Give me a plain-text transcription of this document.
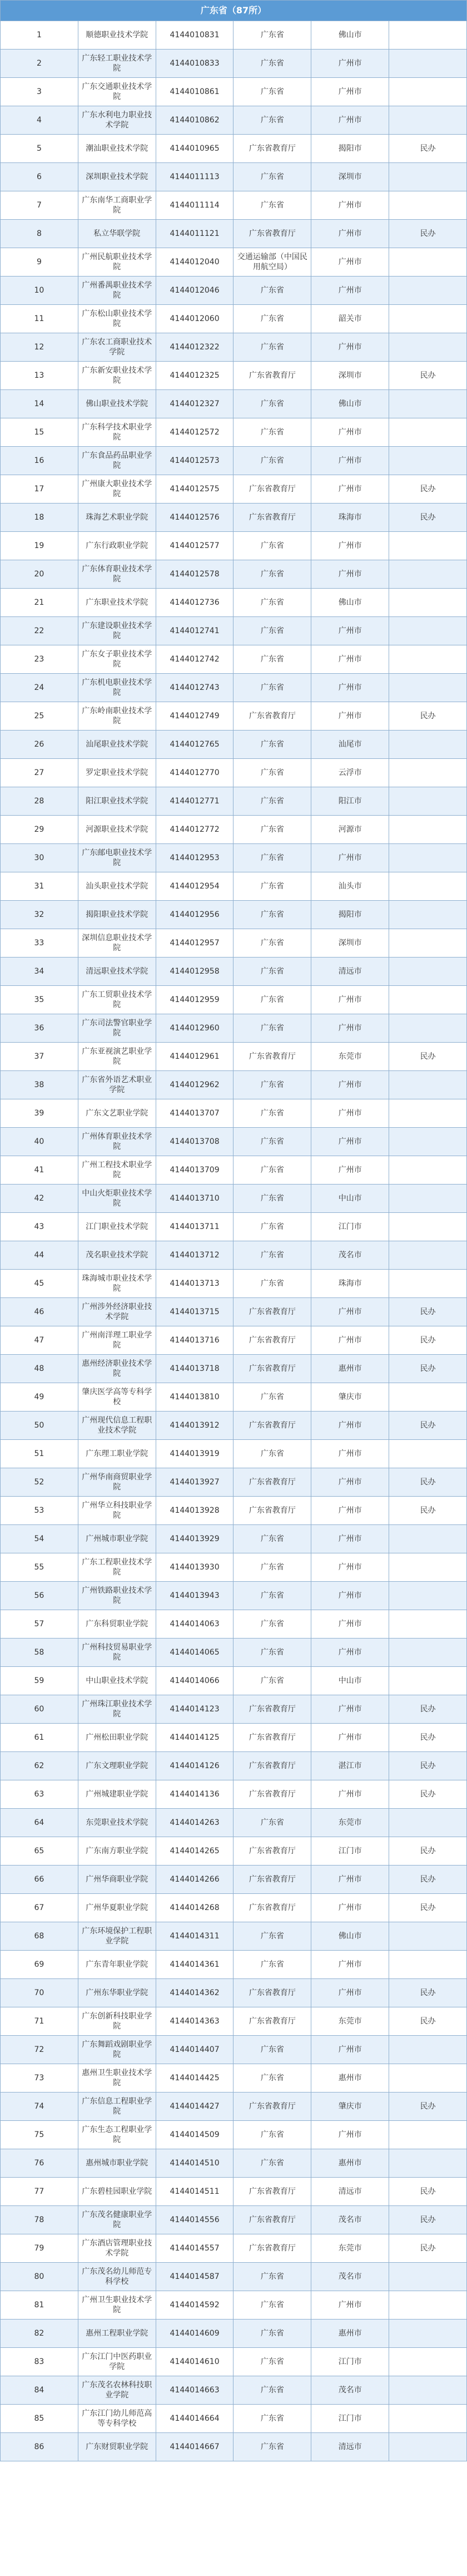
广东省（87所）					
1	顺德职业技术学院	4144010831	广东省	佛山市	
2	广东轻工职业技术学院	4144010833	广东省	广州市	
3	广东交通职业技术学院	4144010861	广东省	广州市	
4	广东水利电力职业技术学院	4144010862	广东省	广州市	
5	潮汕职业技术学院	4144010965	广东省教育厅	揭阳市	民办
6	深圳职业技术学院	4144011113	广东省	深圳市	
7	广东南华工商职业学院	4144011114	广东省	广州市	
8	私立华联学院	4144011121	广东省教育厅	广州市	民办
9	广州民航职业技术学院	4144012040	交通运输部（中国民用航空局）	广州市	
10	广州番禺职业技术学院	4144012046	广东省	广州市	
11	广东松山职业技术学院	4144012060	广东省	韶关市	
12	广东农工商职业技术学院	4144012322	广东省	广州市	
13	广东新安职业技术学院	4144012325	广东省教育厅	深圳市	民办
14	佛山职业技术学院	4144012327	广东省	佛山市	
15	广东科学技术职业学院	4144012572	广东省	广州市	
16	广东食品药品职业学院	4144012573	广东省	广州市	
17	广州康大职业技术学院	4144012575	广东省教育厅	广州市	民办
18	珠海艺术职业学院	4144012576	广东省教育厅	珠海市	民办
19	广东行政职业学院	4144012577	广东省	广州市	
20	广东体育职业技术学院	4144012578	广东省	广州市	
21	广东职业技术学院	4144012736	广东省	佛山市	
22	广东建设职业技术学院	4144012741	广东省	广州市	
23	广东女子职业技术学院	4144012742	广东省	广州市	
24	广东机电职业技术学院	4144012743	广东省	广州市	
25	广东岭南职业技术学院	4144012749	广东省教育厅	广州市	民办
26	汕尾职业技术学院	4144012765	广东省	汕尾市	
27	罗定职业技术学院	4144012770	广东省	云浮市	
28	阳江职业技术学院	4144012771	广东省	阳江市	
29	河源职业技术学院	4144012772	广东省	河源市	
30	广东邮电职业技术学院	4144012953	广东省	广州市	
31	汕头职业技术学院	4144012954	广东省	汕头市	
32	揭阳职业技术学院	4144012956	广东省	揭阳市	
33	深圳信息职业技术学院	4144012957	广东省	深圳市	
34	清远职业技术学院	4144012958	广东省	清远市	
35	广东工贸职业技术学院	4144012959	广东省	广州市	
36	广东司法警官职业学院	4144012960	广东省	广州市	
37	广东亚视演艺职业学院	4144012961	广东省教育厅	东莞市	民办
38	广东省外语艺术职业学院	4144012962	广东省	广州市	
39	广东文艺职业学院	4144013707	广东省	广州市	
40	广州体育职业技术学院	4144013708	广东省	广州市	
41	广州工程技术职业学院	4144013709	广东省	广州市	
42	中山火炬职业技术学院	4144013710	广东省	中山市	
43	江门职业技术学院	4144013711	广东省	江门市	
44	茂名职业技术学院	4144013712	广东省	茂名市	
45	珠海城市职业技术学院	4144013713	广东省	珠海市	
46	广州涉外经济职业技术学院	4144013715	广东省教育厅	广州市	民办
47	广州南洋理工职业学院	4144013716	广东省教育厅	广州市	民办
48	惠州经济职业技术学院	4144013718	广东省教育厅	惠州市	民办
49	肇庆医学高等专科学校	4144013810	广东省	肇庆市	
50	广州现代信息工程职业技术学院	4144013912	广东省教育厅	广州市	民办
51	广东理工职业学院	4144013919	广东省	广州市	
52	广州华南商贸职业学院	4144013927	广东省教育厅	广州市	民办
53	广州华立科技职业学院	4144013928	广东省教育厅	广州市	民办
54	广州城市职业学院	4144013929	广东省	广州市	
55	广东工程职业技术学院	4144013930	广东省	广州市	
56	广州铁路职业技术学院	4144013943	广东省	广州市	
57	广东科贸职业学院	4144014063	广东省	广州市	
58	广州科技贸易职业学院	4144014065	广东省	广州市	
59	中山职业技术学院	4144014066	广东省	中山市	
60	广州珠江职业技术学院	4144014123	广东省教育厅	广州市	民办
61	广州松田职业学院	4144014125	广东省教育厅	广州市	民办
62	广东文理职业学院	4144014126	广东省教育厅	湛江市	民办
63	广州城建职业学院	4144014136	广东省教育厅	广州市	民办
64	东莞职业技术学院	4144014263	广东省	东莞市	
65	广东南方职业学院	4144014265	广东省教育厅	江门市	民办
66	广州华商职业学院	4144014266	广东省教育厅	广州市	民办
67	广州华夏职业学院	4144014268	广东省教育厅	广州市	民办
68	广东环境保护工程职业学院	4144014311	广东省	佛山市	
69	广东青年职业学院	4144014361	广东省	广州市	
70	广州东华职业学院	4144014362	广东省教育厅	广州市	民办
71	广东创新科技职业学院	4144014363	广东省教育厅	东莞市	民办
72	广东舞蹈戏剧职业学院	4144014407	广东省	广州市	
73	惠州卫生职业技术学院	4144014425	广东省	惠州市	
74	广东信息工程职业学院	4144014427	广东省教育厅	肇庆市	民办
75	广东生态工程职业学院	4144014509	广东省	广州市	
76	惠州城市职业学院	4144014510	广东省	惠州市	
77	广东碧桂园职业学院	4144014511	广东省教育厅	清远市	民办
78	广东茂名健康职业学院	4144014556	广东省教育厅	茂名市	民办
79	广东酒店管理职业技术学院	4144014557	广东省教育厅	东莞市	民办
80	广东茂名幼儿师范专科学校	4144014587	广东省	茂名市	
81	广州卫生职业技术学院	4144014592	广东省	广州市	
82	惠州工程职业学院	4144014609	广东省	惠州市	
83	广东江门中医药职业学院	4144014610	广东省	江门市	
84	广东茂名农林科技职业学院	4144014663	广东省	茂名市	
85	广东江门幼儿师范高等专科学校	4144014664	广东省	江门市	
86	广东财贸职业学院	4144014667	广东省	清远市	
